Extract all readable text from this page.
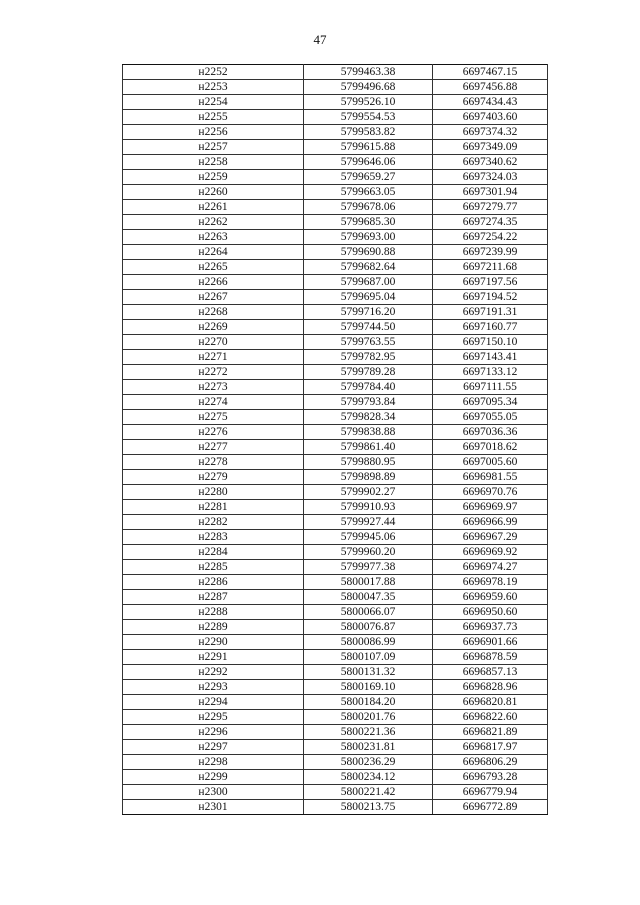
47
н2252	5799463.38	6697467.15
н2253	5799496.68	6697456.88
н2254	5799526.10	6697434.43
н2255	5799554.53	6697403.60
н2256	5799583.82	6697374.32
н2257	5799615.88	6697349.09
н2258	5799646.06	6697340.62
н2259	5799659.27	6697324.03
н2260	5799663.05	6697301.94
н2261	5799678.06	6697279.77
н2262	5799685.30	6697274.35
н2263	5799693.00	6697254.22
н2264	5799690.88	6697239.99
н2265	5799682.64	6697211.68
н2266	5799687.00	6697197.56
н2267	5799695.04	6697194.52
н2268	5799716.20	6697191.31
н2269	5799744.50	6697160.77
н2270	5799763.55	6697150.10
н2271	5799782.95	6697143.41
н2272	5799789.28	6697133.12
н2273	5799784.40	6697111.55
н2274	5799793.84	6697095.34
н2275	5799828.34	6697055.05
н2276	5799838.88	6697036.36
н2277	5799861.40	6697018.62
н2278	5799880.95	6697005.60
н2279	5799898.89	6696981.55
н2280	5799902.27	6696970.76
н2281	5799910.93	6696969.97
н2282	5799927.44	6696966.99
н2283	5799945.06	6696967.29
н2284	5799960.20	6696969.92
н2285	5799977.38	6696974.27
н2286	5800017.88	6696978.19
н2287	5800047.35	6696959.60
н2288	5800066.07	6696950.60
н2289	5800076.87	6696937.73
н2290	5800086.99	6696901.66
н2291	5800107.09	6696878.59
н2292	5800131.32	6696857.13
н2293	5800169.10	6696828.96
н2294	5800184.20	6696820.81
н2295	5800201.76	6696822.60
н2296	5800221.36	6696821.89
н2297	5800231.81	6696817.97
н2298	5800236.29	6696806.29
н2299	5800234.12	6696793.28
н2300	5800221.42	6696779.94
н2301	5800213.75	6696772.89
